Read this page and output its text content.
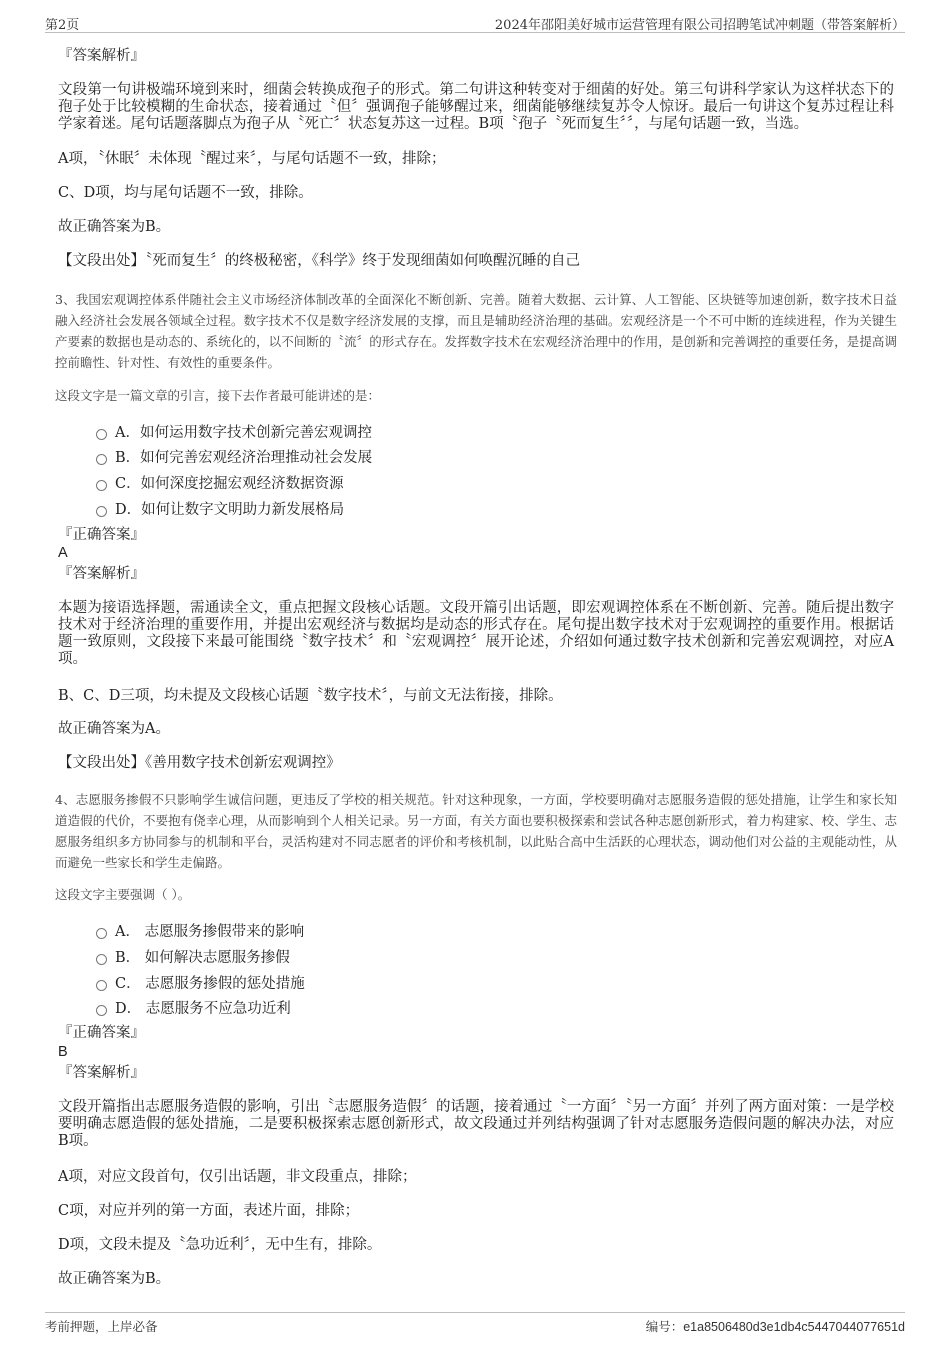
第2页	2024年邵阳美好城市运营管理有限公司招聘笔试冲刺题（带答案解析）
『答案解析』
文段第一句讲极端环境到来时，细菌会转换成孢子的形式。第二句讲这种转变对于细菌的好处。第三句讲科学家认为这样状态下的孢子处于比较模糊的生命状态，接着通过〝但〞强调孢子能够醒过来，细菌能够继续复苏令人惊讶。最后一句讲这个复苏过程让科学家着迷。尾句话题落脚点为孢子从〝死亡〞状态复苏这一过程。B项〝孢子〝死而复生〞〞，与尾句话题一致，当选。
A项，〝休眠〞未体现〝醒过来〞，与尾句话题不一致，排除；
C、D项，均与尾句话题不一致，排除。
故正确答案为B。
【文段出处】〝死而复生〞的终极秘密，《科学》终于发现细菌如何唤醒沉睡的自己
3、我国宏观调控体系伴随社会主义市场经济体制改革的全面深化不断创新、完善。随着大数据、云计算、人工智能、区块链等加速创新，数字技术日益融入经济社会发展各领域全过程。数字技术不仅是数字经济发展的支撑，而且是辅助经济治理的基础。宏观经济是一个不可中断的连续进程，作为关键生产要素的数据也是动态的、系统化的，以不间断的〝流〞的形式存在。发挥数字技术在宏观经济治理中的作用，是创新和完善调控的重要任务，是提高调控前瞻性、针对性、有效性的重要条件。
这段文字是一篇文章的引言，接下去作者最可能讲述的是：
A．如何运用数字技术创新完善宏观调控
B．如何完善宏观经济治理推动社会发展
C．如何深度挖掘宏观经济数据资源
D．如何让数字文明助力新发展格局
『正确答案』
A
『答案解析』
本题为接语选择题，需通读全文，重点把握文段核心话题。文段开篇引出话题，即宏观调控体系在不断创新、完善。随后提出数字技术对于经济治理的重要作用，并提出宏观经济与数据均是动态的形式存在。尾句提出数字技术对于宏观调控的重要作用。根据话题一致原则，文段接下来最可能围绕〝数字技术〞和〝宏观调控〞展开论述，介绍如何通过数字技术创新和完善宏观调控，对应A项。
B、C、D三项，均未提及文段核心话题〝数字技术〞，与前文无法衔接，排除。
故正确答案为A。
【文段出处】《善用数字技术创新宏观调控》
4、志愿服务掺假不只影响学生诚信问题，更违反了学校的相关规范。针对这种现象，一方面，学校要明确对志愿服务造假的惩处措施，让学生和家长知道造假的代价，不要抱有侥幸心理，从而影响到个人相关记录。另一方面，有关方面也要积极探索和尝试各种志愿创新形式，着力构建家、校、学生、志愿服务组织多方协同参与的机制和平台，灵活构建对不同志愿者的评价和考核机制，以此贴合高中生活跃的心理状态，调动他们对公益的主观能动性，从而避免一些家长和学生走偏路。
这段文字主要强调（ ）。
A． 志愿服务掺假带来的影响
B． 如何解决志愿服务掺假
C． 志愿服务掺假的惩处措施
D． 志愿服务不应急功近利
『正确答案』
B
『答案解析』
文段开篇指出志愿服务造假的影响，引出〝志愿服务造假〞的话题，接着通过〝一方面〞〝另一方面〞并列了两方面对策：一是学校要明确志愿造假的惩处措施，二是要积极探索志愿创新形式，故文段通过并列结构强调了针对志愿服务造假问题的解决办法，对应B项。
A项，对应文段首句，仅引出话题，非文段重点，排除；
C项，对应并列的第一方面，表述片面，排除；
D项，文段未提及〝急功近利〞，无中生有，排除。
故正确答案为B。
考前押题，上岸必备	编号：e1a8506480d3e1db4c5447044077651d
